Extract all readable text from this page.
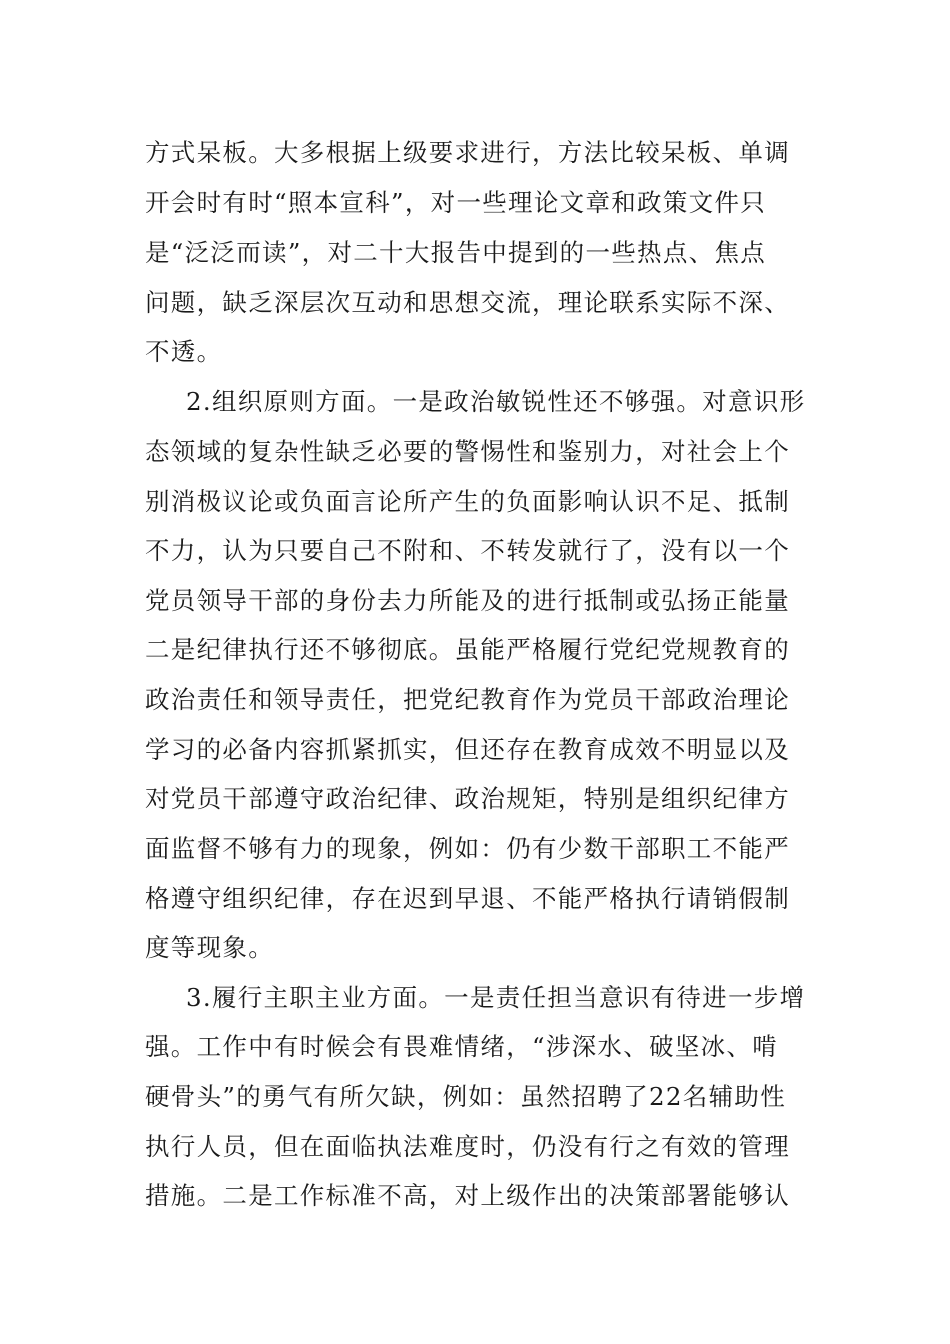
方式呆板。大多根据上级要求进行，方法比较呆板、单调
开会时有时“照本宣科”，对一些理论文章和政策文件只
是“泛泛而读”，对二十大报告中提到的一些热点、焦点
问题，缺乏深层次互动和思想交流，理论联系实际不深、
不透。
2.组织原则方面。一是政治敏锐性还不够强。对意识形
态领域的复杂性缺乏必要的警惕性和鉴别力，对社会上个
别消极议论或负面言论所产生的负面影响认识不足、抵制
不力，认为只要自己不附和、不转发就行了，没有以一个
党员领导干部的身份去力所能及的进行抵制或弘扬正能量
二是纪律执行还不够彻底。虽能严格履行党纪党规教育的
政治责任和领导责任，把党纪教育作为党员干部政治理论
学习的必备内容抓紧抓实，但还存在教育成效不明显以及
对党员干部遵守政治纪律、政治规矩，特别是组织纪律方
面监督不够有力的现象，例如：仍有少数干部职工不能严
格遵守组织纪律，存在迟到早退、不能严格执行请销假制
度等现象。
3.履行主职主业方面。一是责任担当意识有待进一步增
强。工作中有时候会有畏难情绪，“涉深水、破坚冰、啃
硬骨头”的勇气有所欠缺，例如：虽然招聘了22名辅助性
执行人员，但在面临执法难度时，仍没有行之有效的管理
措施。二是工作标准不高，对上级作出的决策部署能够认
